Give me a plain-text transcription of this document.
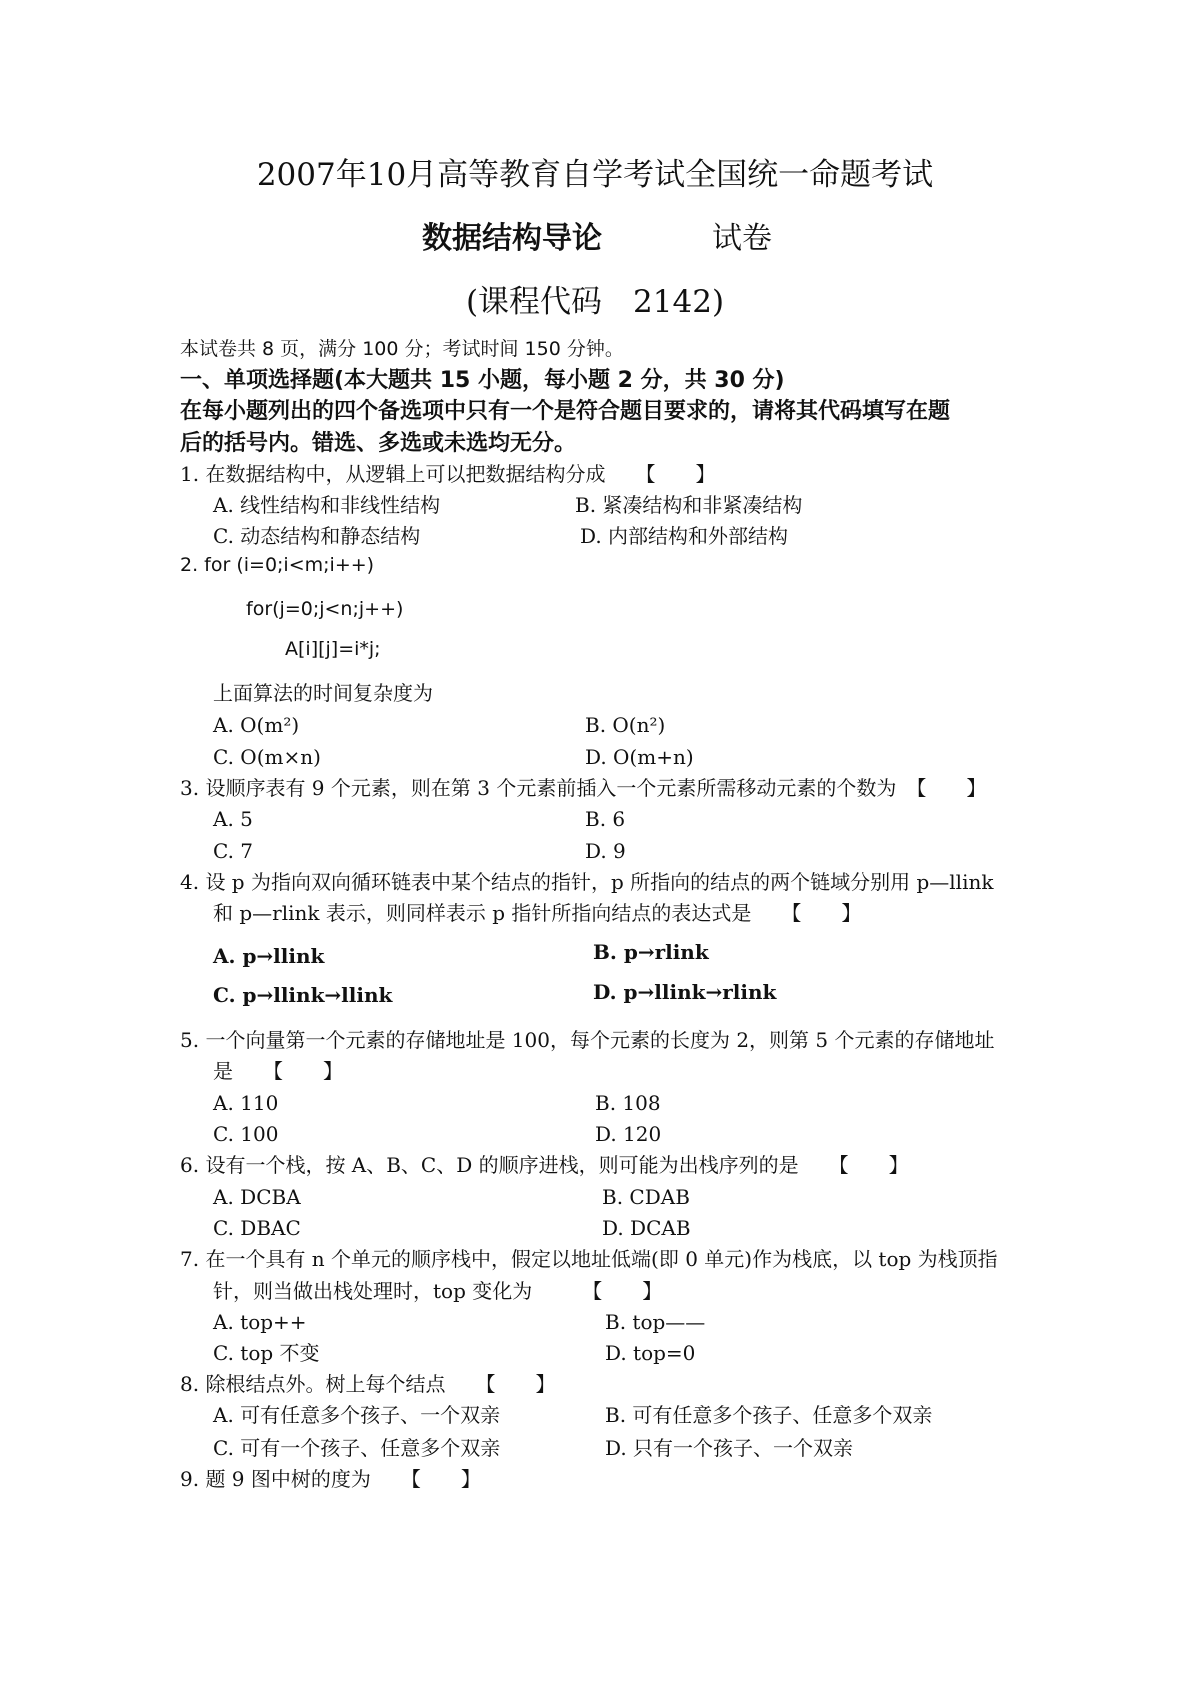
2007年10月高等教育自学考试全国统一命题考试
数据结构导论	试卷
(课程代码　2142)
本试卷共 8 页，满分 100 分；考试时间 150 分钟。
一、单项选择题(本大题共 15 小题，每小题 2 分，共 30 分)
在每小题列出的四个备选项中只有一个是符合题目要求的，请将其代码填写在题
后的括号内。错选、多选或未选均无分。
1. 在数据结构中，从逻辑上可以把数据结构分成　　【　　】
A. 线性结构和非线性结构	B. 紧凑结构和非紧凑结构
C. 动态结构和静态结构	D. 内部结构和外部结构
2. for (i=0;i<m;i++)
for(j=0;j<n;j++)
A[i][j]=i*j;
上面算法的时间复杂度为
A. O(m²)	B. O(n²)
C. O(m×n)	D. O(m+n)
3. 设顺序表有 9 个元素，则在第 3 个元素前插入一个元素所需移动元素的个数为　【　　】
A. 5	B. 6
C. 7	D. 9
4. 设 p 为指向双向循环链表中某个结点的指针，p 所指向的结点的两个链域分别用 p—llink
和 p—rlink 表示，则同样表示 p 指针所指向结点的表达式是　　【　　】
A. p→llink	B. p→rlink
C. p→llink→llink	D. p→llink→rlink
5. 一个向量第一个元素的存储地址是 100，每个元素的长度为 2，则第 5 个元素的存储地址
是　　【　　】
A. 110	B. 108
C. 100	D. 120
6. 设有一个栈，按 A、B、C、D 的顺序进栈，则可能为出栈序列的是　　【　　】
A. DCBA	B. CDAB
C. DBAC	D. DCAB
7. 在一个具有 n 个单元的顺序栈中，假定以地址低端(即 0 单元)作为栈底，以 top 为栈顶指
针，则当做出栈处理时，top 变化为　　　【　　】
A. top++	B. top——
C. top 不变	D. top=0
8. 除根结点外。树上每个结点　　【　　】
A. 可有任意多个孩子、一个双亲	B. 可有任意多个孩子、任意多个双亲
C. 可有一个孩子、任意多个双亲	D. 只有一个孩子、一个双亲
9. 题 9 图中树的度为　　【　　】
